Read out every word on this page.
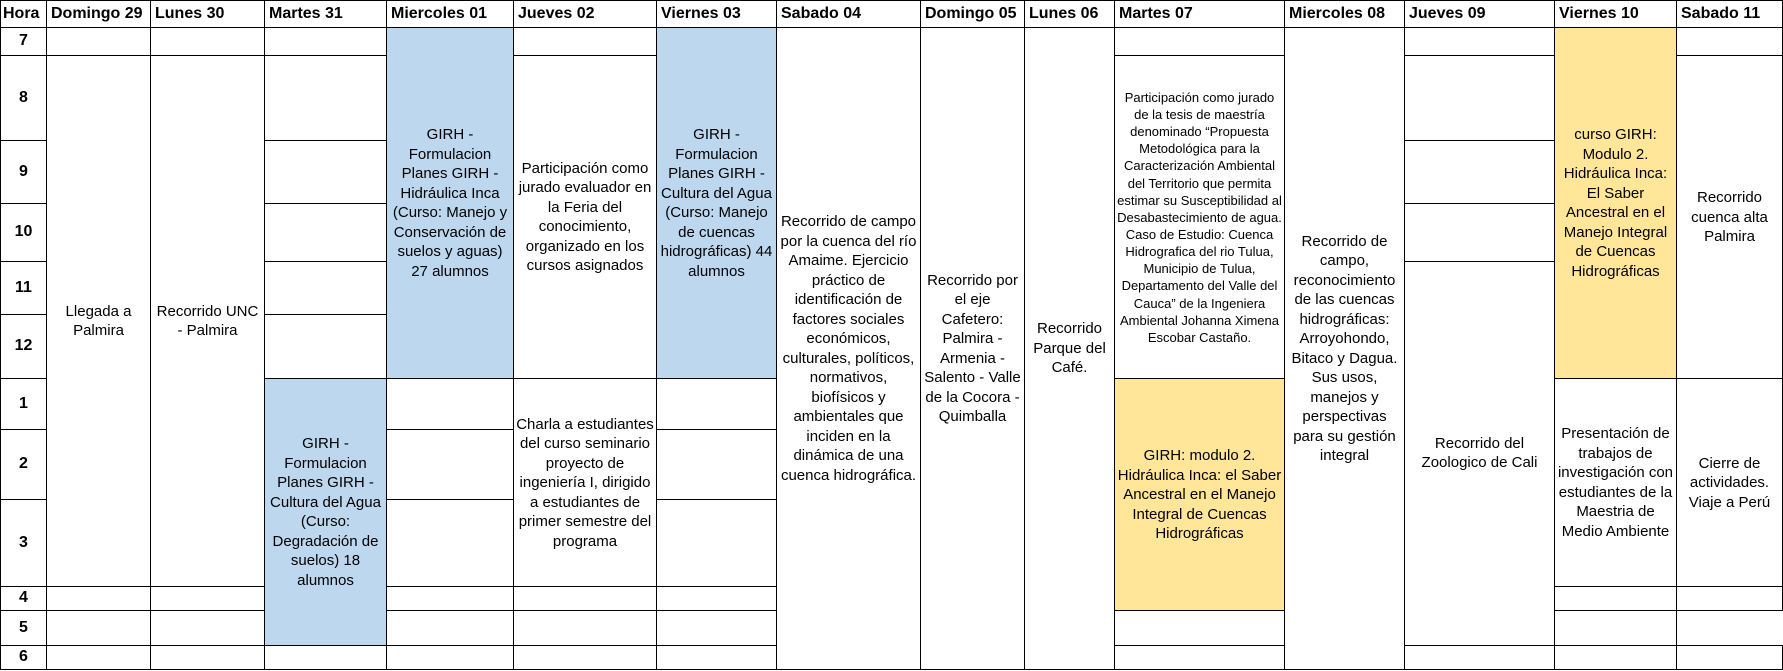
Hora	Domingo 29	Lunes 30	Martes 31	Miercoles 01	Jueves 02	Viernes 03	Sabado 04	Domingo 05	Lunes 06	Martes 07	Miercoles 08	Jueves 09	Viernes 10	Sabado 11
7				GIRH - Formulacion Planes GIRH - Hidráulica Inca (Curso: Manejo y Conservación de suelos y aguas) 27 alumnos		GIRH - Formulacion Planes GIRH - Cultura del Agua (Curso: Manejo de cuencas hidrográficas) 44 alumnos	Recorrido de campo por la cuenca del río Amaime. Ejercicio práctico de identificación de factores sociales económicos, culturales, políticos, normativos, biofísicos y ambientales que inciden en la dinámica de una cuenca hidrográfica.	Recorrido por el eje Cafetero: Palmira - Armenia - Salento - Valle de la Cocora - Quimballa	Recorrido Parque del Café.		Recorrido de campo, reconocimiento de las cuencas hidrográficas: Arroyohondo, Bitaco y Dagua. Sus usos, manejos y perspectivas para su gestión integral		curso GIRH: Modulo 2. Hidráulica Inca: El Saber Ancestral en el Manejo Integral de Cuencas Hidrográficas	
8	Llegada a Palmira	Recorrido UNC - Palmira			Participación como jurado evaluador en la Feria del conocimiento, organizado en los cursos asignados					Participación como jurado de la tesis de maestría denominado “Propuesta Metodológica para la Caracterización Ambiental del Territorio que permita estimar su Susceptibilidad al Desabastecimiento de agua. Caso de Estudio: Cuenca Hidrografica del rio Tulua, Municipio de Tulua, Departamento del Valle del Cauca” de la Ingeniera Ambiental Johanna Ximena Escobar Castaño.				Recorrido cuenca alta Palmira
9														
10														
11												Recorrido del Zoologico de Cali		
12														
1			GIRH - Formulacion Planes GIRH - Cultura del Agua (Curso: Degradación de suelos) 18 alumnos		Charla a estudiantes del curso seminario proyecto de ingeniería I, dirigido a estudiantes de primer semestre del programa					GIRH: modulo 2. Hidráulica Inca: el Saber Ancestral en el Manejo Integral de Cuencas Hidrográficas			Presentación de trabajos de investigación con estudiantes de la Maestria de Medio Ambiente	Cierre de actividades. Viaje a Perú
2														
3														
4														
5														
6														
